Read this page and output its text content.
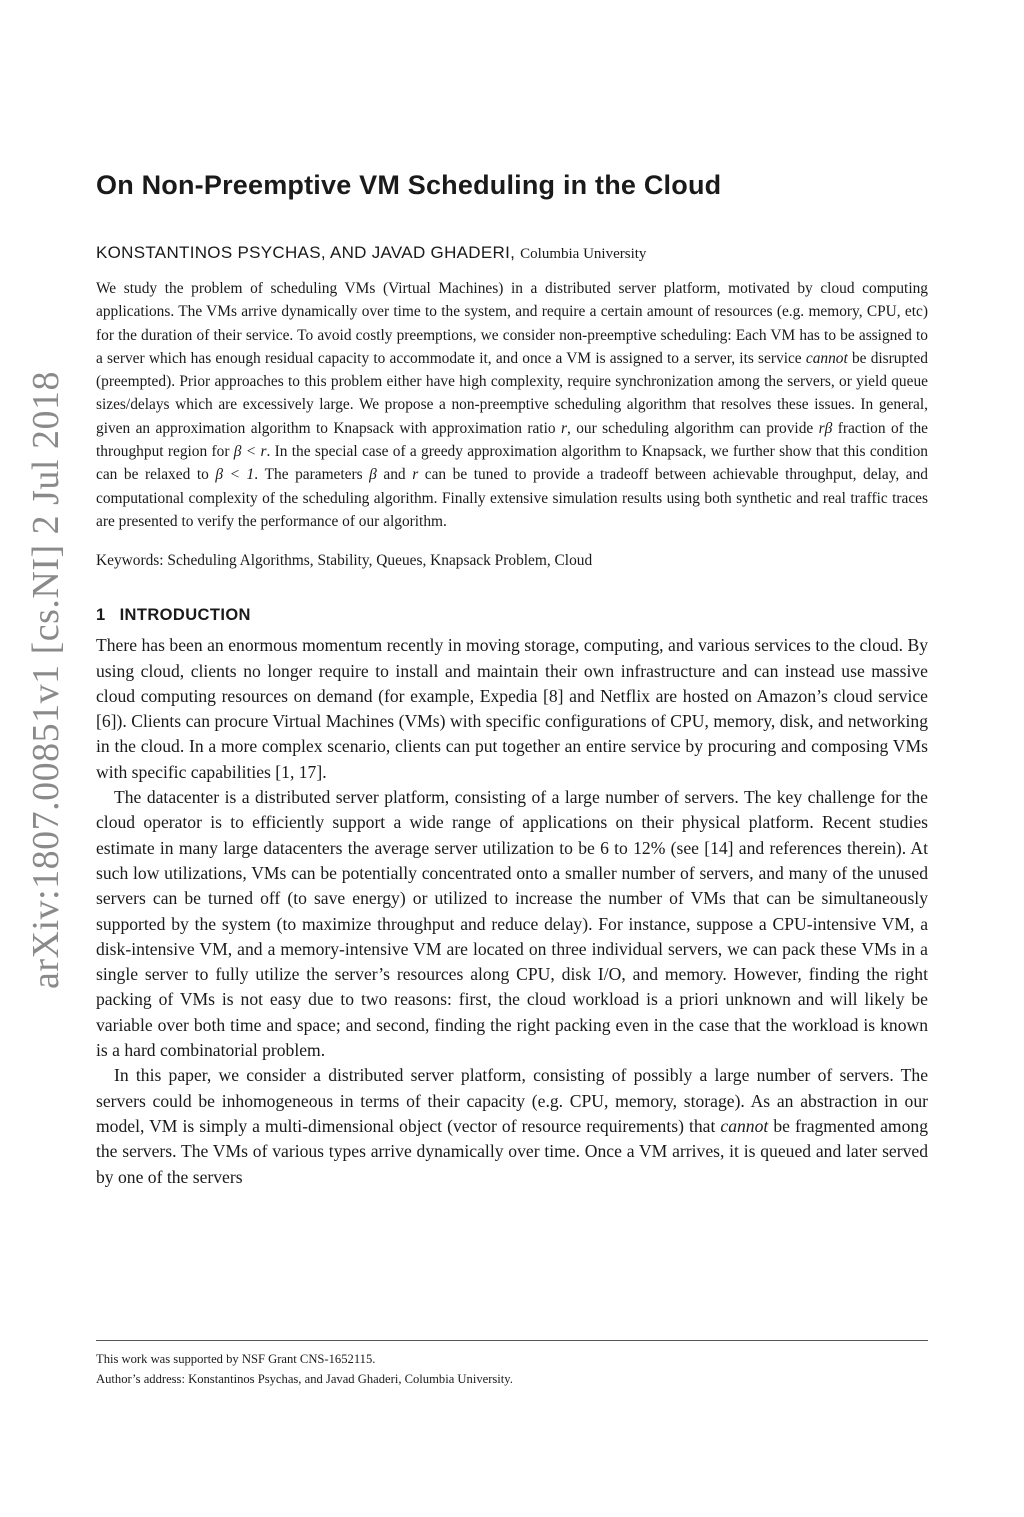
arXiv:1807.00851v1 [cs.NI] 2 Jul 2018
On Non-Preemptive VM Scheduling in the Cloud
KONSTANTINOS PSYCHAS, AND JAVAD GHADERI, Columbia University

We study the problem of scheduling VMs (Virtual Machines) in a distributed server platform, motivated by cloud computing applications. The VMs arrive dynamically over time to the system, and require a certain amount of resources (e.g. memory, CPU, etc) for the duration of their service. To avoid costly preemptions, we consider non-preemptive scheduling: Each VM has to be assigned to a server which has enough residual capacity to accommodate it, and once a VM is assigned to a server, its service cannot be disrupted (preempted). Prior approaches to this problem either have high complexity, require synchronization among the servers, or yield queue sizes/delays which are excessively large. We propose a non-preemptive scheduling algorithm that resolves these issues. In general, given an approximation algorithm to Knapsack with approximation ratio r, our scheduling algorithm can provide rβ fraction of the throughput region for β < r. In the special case of a greedy approximation algorithm to Knapsack, we further show that this condition can be relaxed to β < 1. The parameters β and r can be tuned to provide a tradeoff between achievable throughput, delay, and computational complexity of the scheduling algorithm. Finally extensive simulation results using both synthetic and real traffic traces are presented to verify the performance of our algorithm.

Keywords: Scheduling Algorithms, Stability, Queues, Knapsack Problem, Cloud

1 INTRODUCTION

There has been an enormous momentum recently in moving storage, computing, and various services to the cloud. By using cloud, clients no longer require to install and maintain their own infrastructure and can instead use massive cloud computing resources on demand (for example, Expedia [8] and Netflix are hosted on Amazon’s cloud service [6]). Clients can procure Virtual Machines (VMs) with specific configurations of CPU, memory, disk, and networking in the cloud. In a more complex scenario, clients can put together an entire service by procuring and composing VMs with specific capabilities [1, 17].

The datacenter is a distributed server platform, consisting of a large number of servers. The key challenge for the cloud operator is to efficiently support a wide range of applications on their physical platform. Recent studies estimate in many large datacenters the average server utilization to be 6 to 12% (see [14] and references therein). At such low utilizations, VMs can be potentially concentrated onto a smaller number of servers, and many of the unused servers can be turned off (to save energy) or utilized to increase the number of VMs that can be simultaneously supported by the system (to maximize throughput and reduce delay). For instance, suppose a CPU-intensive VM, a disk-intensive VM, and a memory-intensive VM are located on three individual servers, we can pack these VMs in a single server to fully utilize the server’s resources along CPU, disk I/O, and memory. However, finding the right packing of VMs is not easy due to two reasons: first, the cloud workload is a priori unknown and will likely be variable over both time and space; and second, finding the right packing even in the case that the workload is known is a hard combinatorial problem.

In this paper, we consider a distributed server platform, consisting of possibly a large number of servers. The servers could be inhomogeneous in terms of their capacity (e.g. CPU, memory, storage). As an abstraction in our model, VM is simply a multi-dimensional object (vector of resource requirements) that cannot be fragmented among the servers. The VMs of various types arrive dynamically over time. Once a VM arrives, it is queued and later served by one of the servers

This work was supported by NSF Grant CNS-1652115.

Author’s address: Konstantinos Psychas, and Javad Ghaderi, Columbia University.
